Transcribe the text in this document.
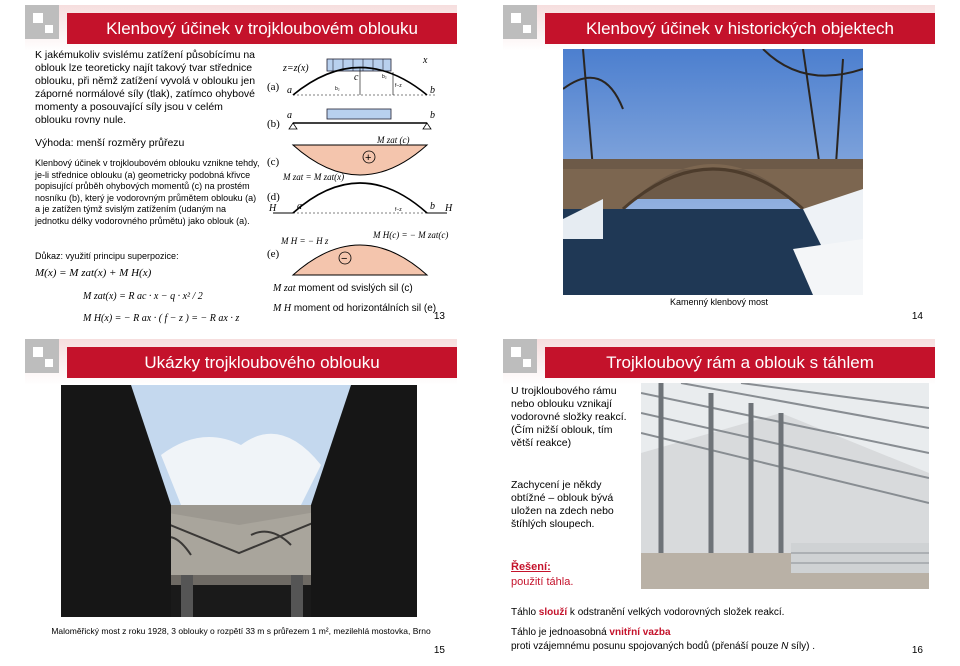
Klenbový účinek v trojkloubovém oblouku
K jakémukoliv svislému zatížení působícímu na oblouk lze teoreticky najít takový tvar střednice oblouku, při němž zatížení vyvolá v oblouku jen záporné normálové síly (tlak), zatímco ohybové momenty a posouvající síly jsou v celém oblouku rovny nule.
Výhoda: menší rozměry průřezu
Klenbový účinek v trojkloubovém oblouku vznikne tehdy, je-li střednice oblouku (a) geometricky podobná křivce popisující průběh ohybových momentů (c) na prostém nosníku (b), který je vodorovným průmětem oblouku (a) a je zatížen týmž svislým zatížením (udaným na jednotku délky vodorovného průmětu) jako oblouk (a).
Důkaz: využití principu superpozice:
M(x) = M zat(x) + M H(x)
M zat(x) = R ac · x − q · x² / 2
M H(x) = − R ax · ( f − z ) = − R ax · z
(a)
z=z(x)
x
a	b
c
b₂
b₂
f−z
(b)
a	b
M zat (c)
(c)	+
M zat = M zat(x)
(d)
H	H
a	b
f−z
(e)	−
M H = − H z
M H(c) = − M zat(c)
M zat moment od svislých sil (c)
M H moment od horizontálních sil (e)
13
Klenbový účinek v historických objektech
Kamenný klenbový most
14
Ukázky trojkloubového oblouku
Maloměřický most z roku 1928, 3 oblouky o rozpětí 33 m s průřezem 1 m², mezilehlá mostovka, Brno
15
Trojkloubový rám a oblouk s táhlem
U trojkloubového rámu nebo oblouku vznikají vodorovné složky reakcí. (Čím nižší oblouk, tím větší reakce)
Zachycení je někdy obtížné – oblouk bývá uložen na zdech nebo štíhlých sloupech.
Řešení:
použití táhla.
Táhlo slouží k odstranění velkých vodorovných složek reakcí.
Táhlo je jednoasobná vnitřní vazba
proti vzájemnému posunu spojovaných bodů (přenáší pouze N síly) .	16
